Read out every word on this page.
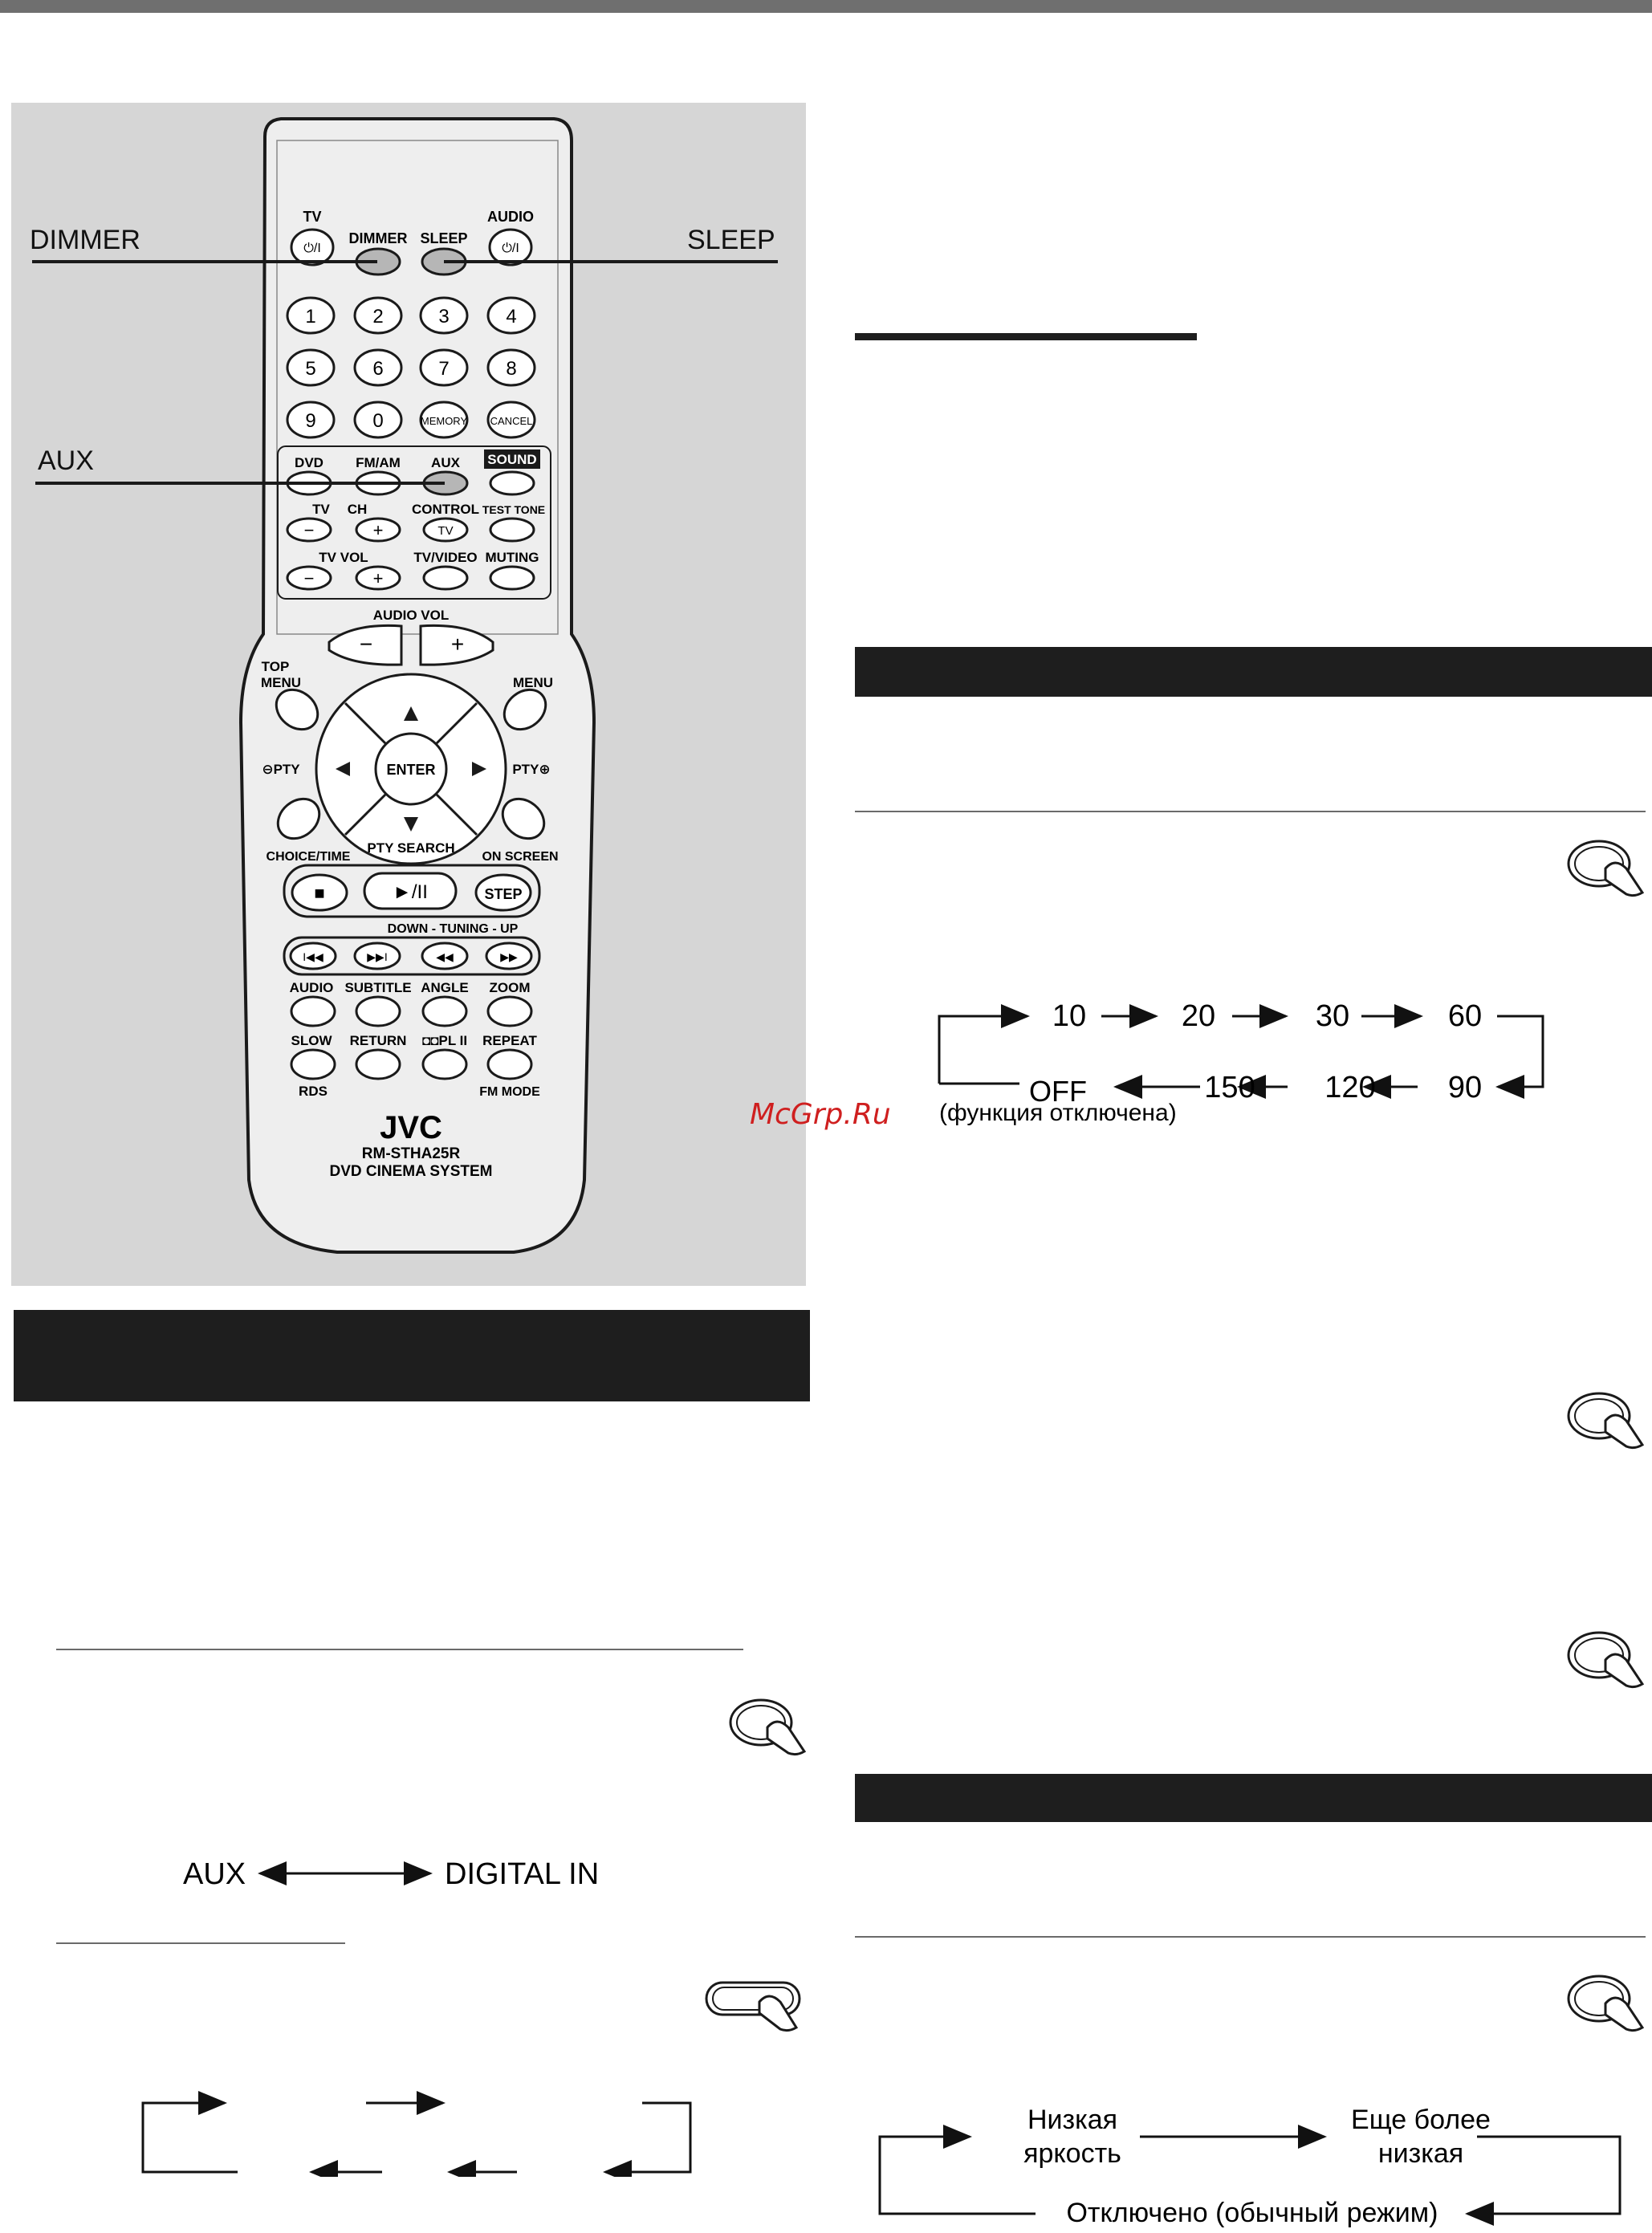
TV
DIMMER SLEEP
AUDIO
⏻/I	⏻/I
1	2	3	4
5	6	7	8
9	0	MEMORY CANCEL
DVD FM/AM AUX SOUND
TV CH	CONTROL TEST TONE
−	+	TV
TV VOL	TV/VIDEO MUTING
−	+
AUDIO VOL
−	+
TOP
MENU	MENU
ENTER
⊖PTY	PTY⊕
CHOICE/TIME
PTY SEARCH
ON SCREEN
■	►/II	STEP
DOWN - TUNING - UP
I◀◀	▶▶I	◀◀	▶▶
AUDIO SUBTITLE ANGLE ZOOM
SLOW RETURN ◘◘PL II REPEAT
RDS	FM MODE
JVC
RM-STHA25R
DVD CINEMA SYSTEM
DIMMER	SLEEP
AUX
McGrp.Ru
10	20	30	60
OFF	150 120 90
(функция отключена)
AUX	DIGITAL IN
Низкая
яркость
Еще более
низкая
Отключено (обычный режим)
